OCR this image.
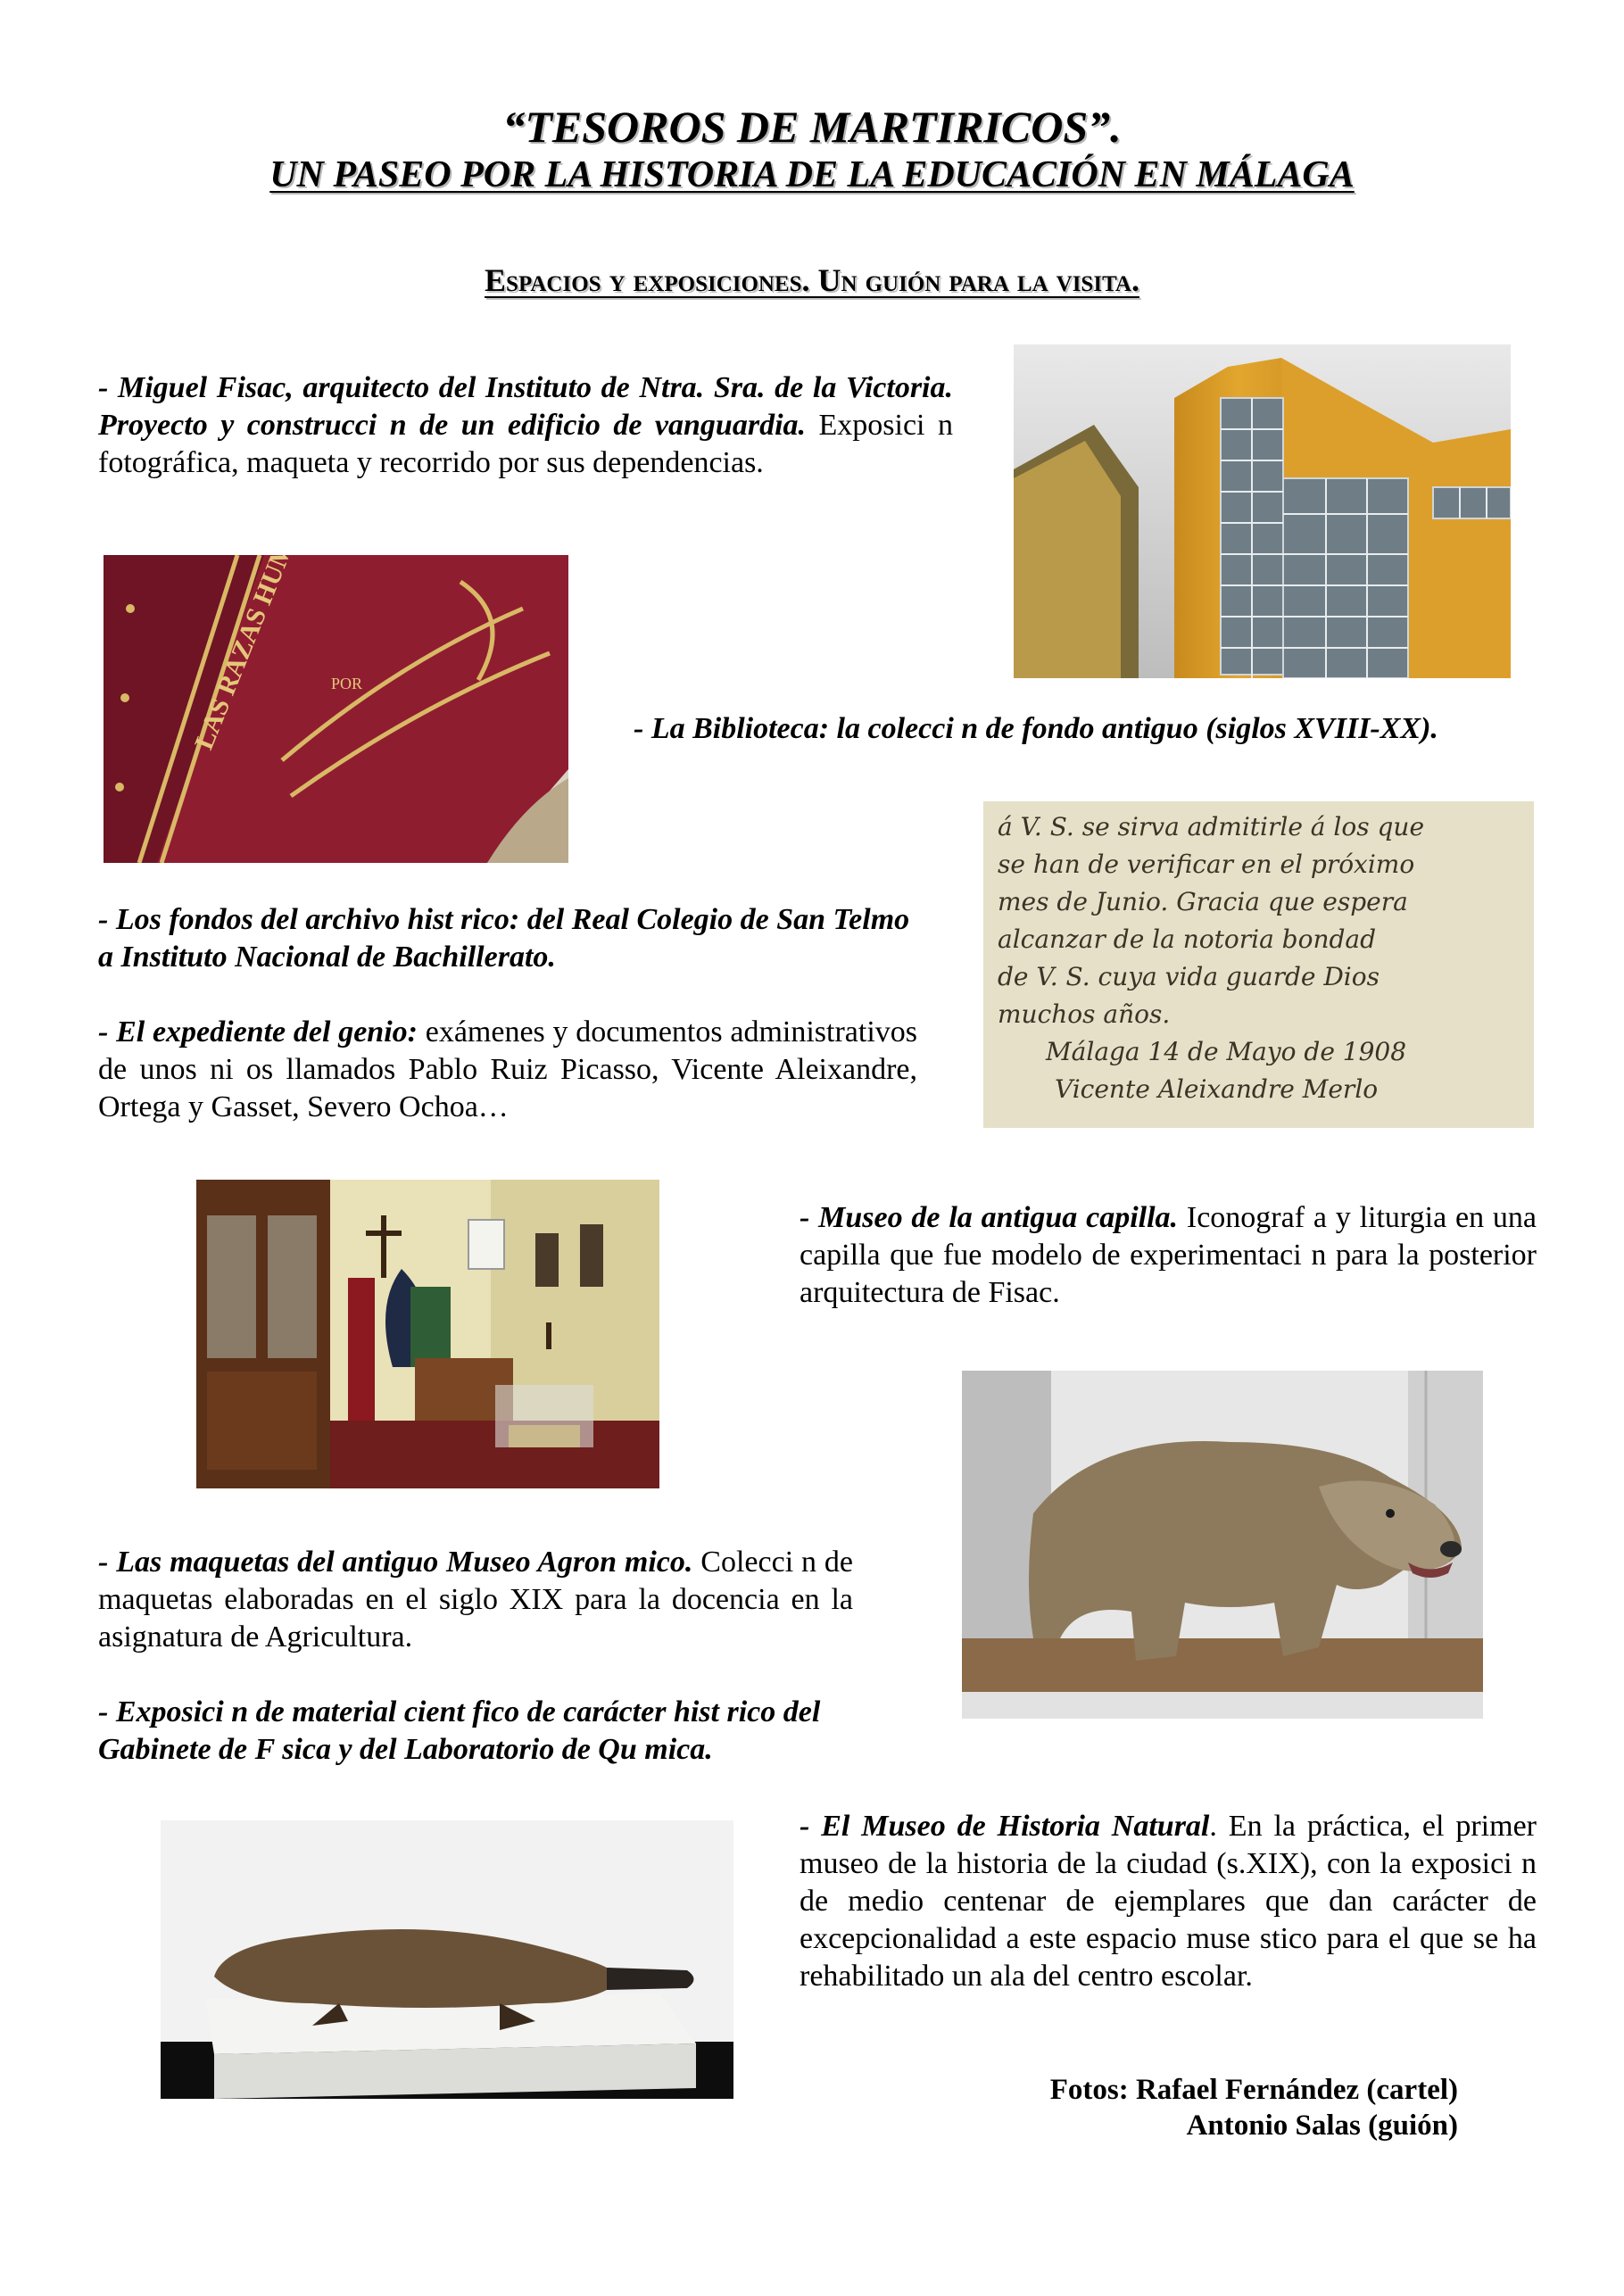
“TESOROS DE MARTIRICOS”.
UN PASEO POR LA HISTORIA DE LA EDUCACIÓN EN MÁLAGA
Espacios y exposiciones. Un guión para la visita.
- Miguel Fisac, arquitecto del Instituto de Ntra. Sra. de la Victoria. Proyecto y construcci n de un edificio de vanguardia. Exposici n fotográfica, maqueta y recorrido por sus dependencias.
POR
- La Biblioteca: la colecci n de fondo antiguo (siglos XVIII-XX).
á V. S. se sirva admitirle á los que
se han de verificar en el próximo
mes de Junio. Gracia que espera
alcanzar de la notoria bondad
de V. S. cuya vida guarde Dios
muchos años.
Málaga 14 de Mayo de 1908
Vicente Aleixandre Merlo
- Los fondos del archivo hist rico: del Real Colegio de San Telmo a Instituto Nacional de Bachillerato.
- El expediente del genio: exámenes y documentos administrativos de unos ni os llamados Pablo Ruiz Picasso, Vicente Aleixandre, Ortega y Gasset, Severo Ochoa…
- Museo de la antigua capilla. Iconograf a y liturgia en una capilla que fue modelo de experimentaci n para la posterior arquitectura de Fisac.
- Las maquetas del antiguo Museo Agron mico. Colecci n de maquetas elaboradas en el siglo XIX para la docencia en la asignatura de Agricultura.
- Exposici n de material cient fico de carácter hist rico del Gabinete de F sica y del Laboratorio de Qu mica.
- El Museo de Historia Natural. En la práctica, el primer museo de la historia de la ciudad (s.XIX), con la exposici n de medio centenar de ejemplares que dan carácter de excepcionalidad a este espacio muse stico para el que se ha rehabilitado un ala del centro escolar.
Fotos: Rafael Fernández (cartel)
Antonio Salas (guión)
